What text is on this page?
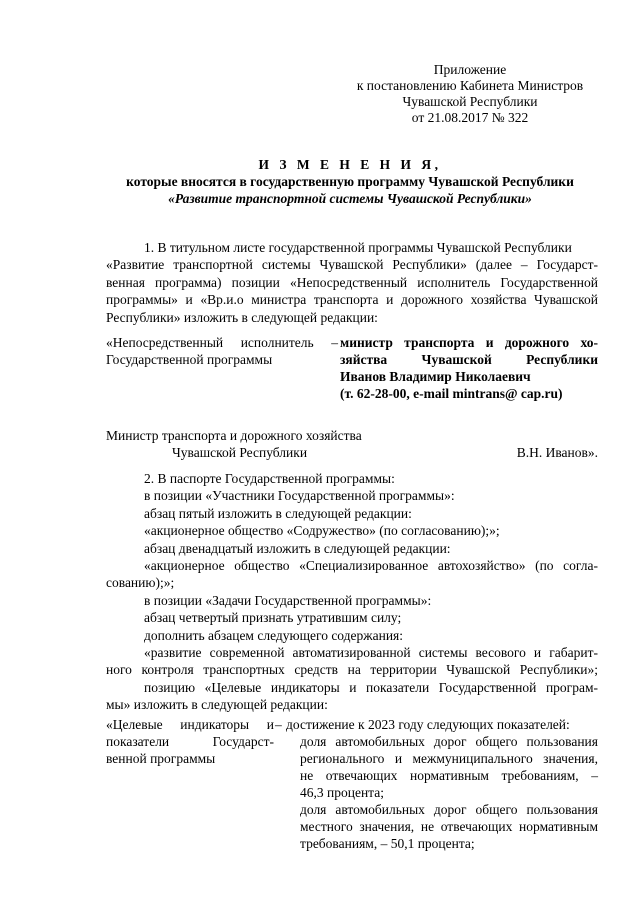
Приложение
к постановлению Кабинета Министров
Чувашской Республики
от 21.08.2017 № 322
И З М Е Н Е Н И Я,
которые вносятся в государственную программу Чувашской Республики
«Развитие транспортной системы Чувашской Республики»
1. В титульном листе государственной программы Чувашской Республики
«Развитие транспортной системы Чувашской Республики» (далее – Государст-
венная программа) позиции «Непосредственный исполнитель Государственной
программы» и «Вр.и.о министра транспорта и дорожного хозяйства Чувашской
Республики» изложить в следующей редакции:
«Непосредственный исполнитель –
Государственной программы
министр транспорта и дорожного хо-
зяйства Чувашской Республики
Иванов Владимир Николаевич
(т. 62-28-00, e-mail mintrans@ cap.ru)
Министр транспорта и дорожного хозяйства
Чувашской Республики	В.Н. Иванов».
2. В паспорте Государственной программы:
в позиции «Участники Государственной программы»:
абзац пятый изложить в следующей редакции:
«акционерное общество «Содружество» (по согласованию);»;
абзац двенадцатый изложить в следующей редакции:
«акционерное общество «Специализированное автохозяйство» (по согла-
сованию);»;
в позиции «Задачи Государственной программы»:
абзац четвертый признать утратившим силу;
дополнить абзацем следующего содержания:
«развитие современной автоматизированной системы весового и габарит-
ного контроля транспортных средств на территории Чувашской Республики»;
позицию «Целевые индикаторы и показатели Государственной програм-
мы» изложить в следующей редакции:
«Целевые индикаторы и
показатели Государст-
венной программы
– достижение к 2023 году следующих показателей:
доля автомобильных дорог общего пользования
регионального и межмуниципального значения,
не отвечающих нормативным требованиям, –
46,3 процента;
доля автомобильных дорог общего пользования
местного значения, не отвечающих нормативным
требованиям, – 50,1 процента;
